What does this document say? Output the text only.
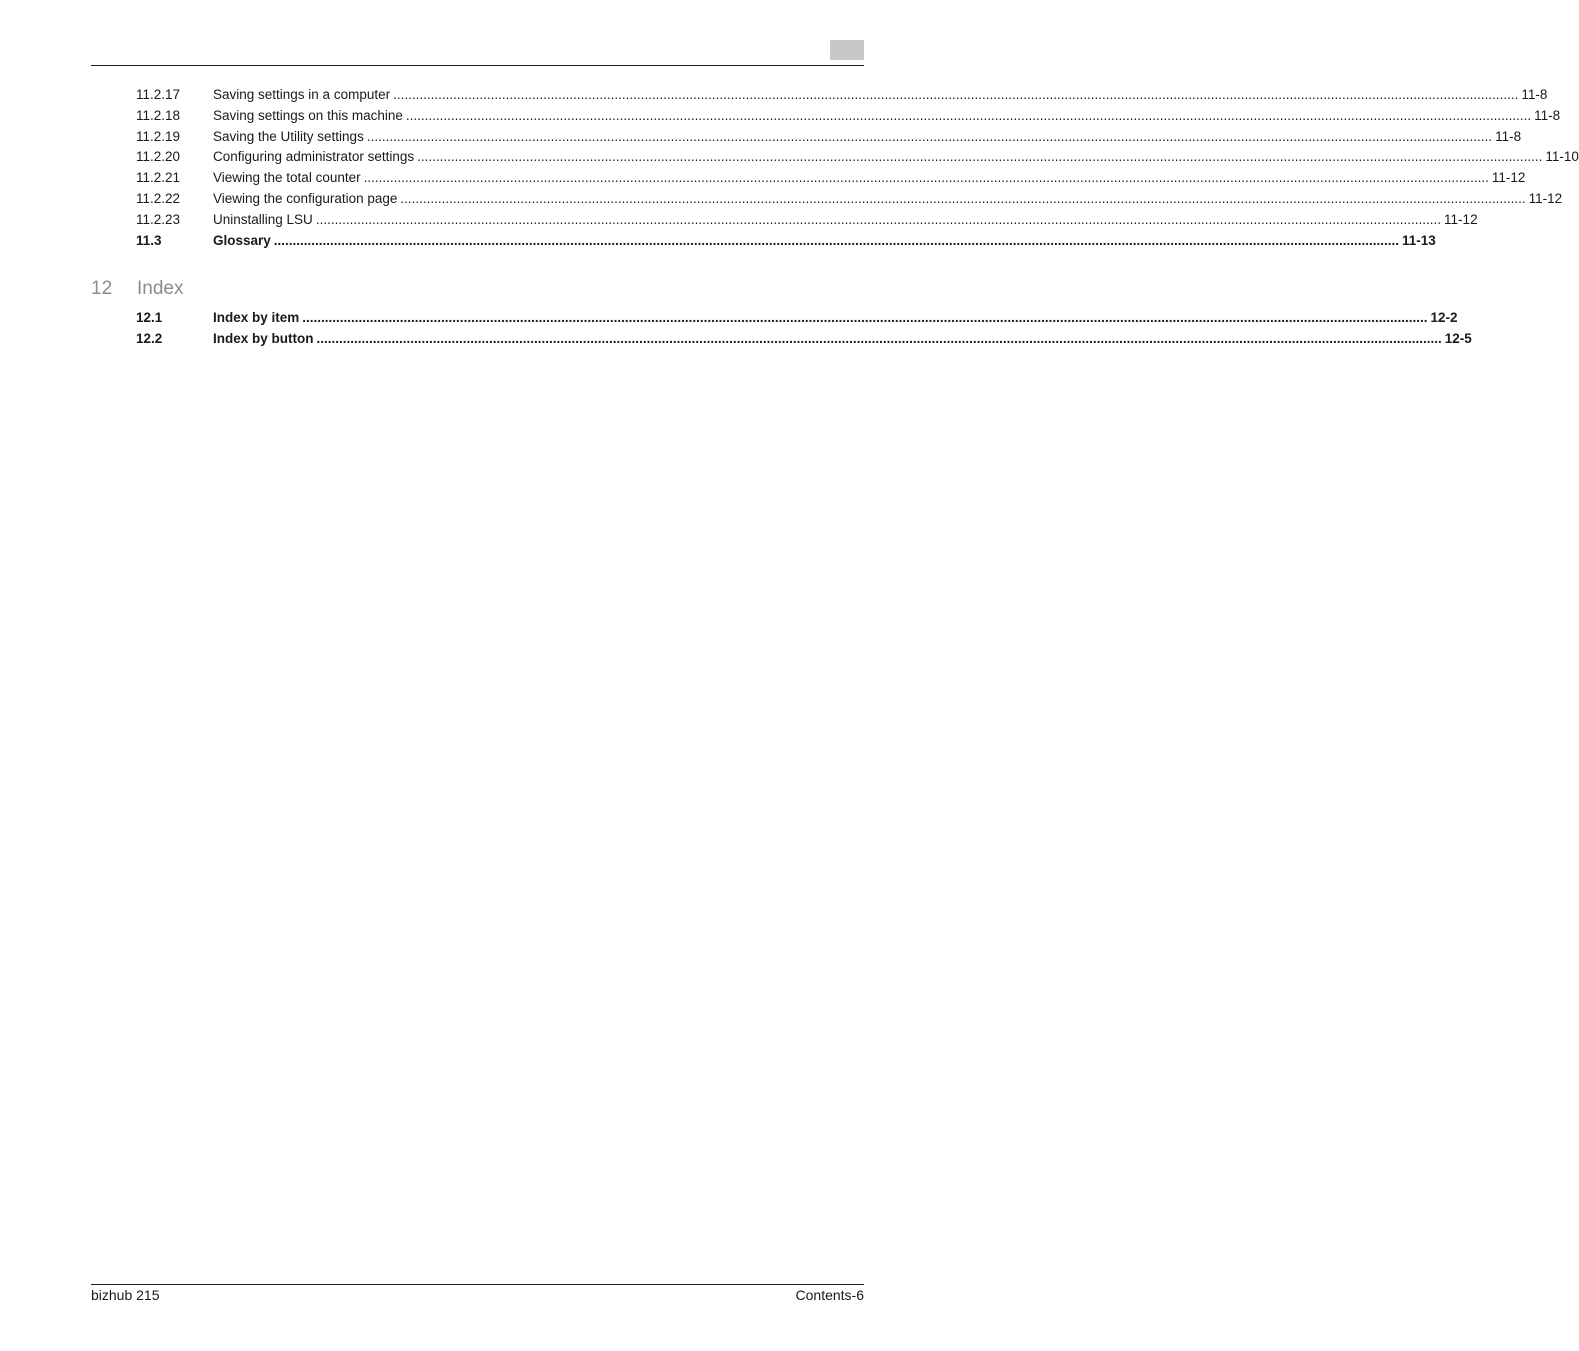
11.2.17	Saving settings in a computer ............................................................................................................................................................................................................................................................................................................ 11-8
11.2.18	Saving settings on this machine ............................................................................................................................................................................................................................................................................................................ 11-8
11.2.19	Saving the Utility settings ............................................................................................................................................................................................................................................................................................................ 11-8
11.2.20	Configuring administrator settings ............................................................................................................................................................................................................................................................................................................ 11-10
11.2.21	Viewing the total counter ............................................................................................................................................................................................................................................................................................................ 11-12
11.2.22	Viewing the configuration page ............................................................................................................................................................................................................................................................................................................ 11-12
11.2.23	Uninstalling LSU ............................................................................................................................................................................................................................................................................................................ 11-12
11.3	Glossary ............................................................................................................................................................................................................................................................................................................ 11-13
12	Index
12.1	Index by item ............................................................................................................................................................................................................................................................................................................ 12-2
12.2	Index by button ............................................................................................................................................................................................................................................................................................................ 12-5
bizhub 215	Contents-6
